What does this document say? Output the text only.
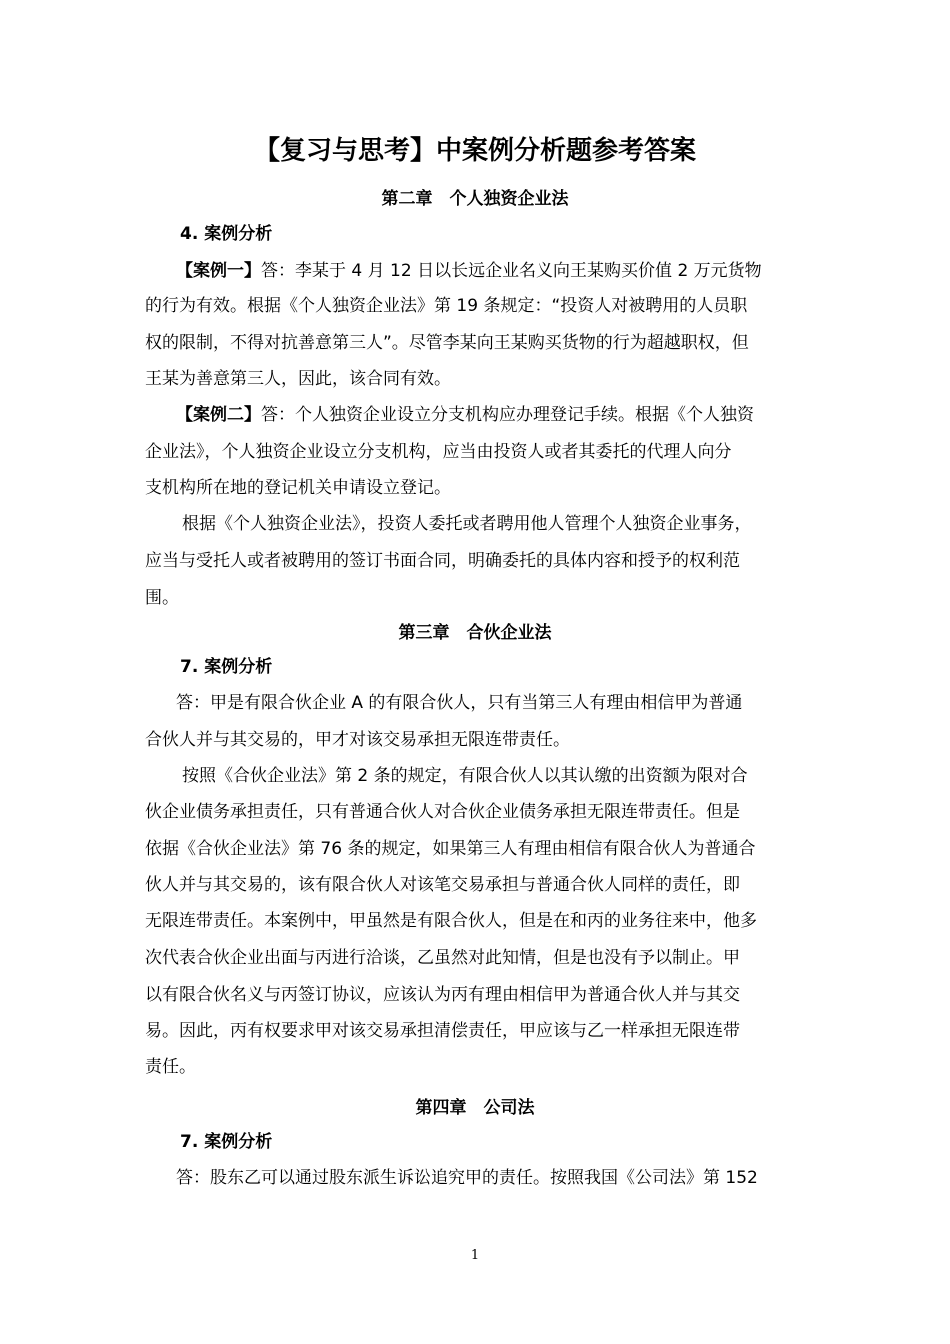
【复习与思考】中案例分析题参考答案
第二章　个人独资企业法
4. 案例分析
【案例一】答：李某于 4 月 12 日以长远企业名义向王某购买价值 2 万元货物
的行为有效。根据《个人独资企业法》第 19 条规定：“投资人对被聘用的人员职
权的限制，不得对抗善意第三人”。尽管李某向王某购买货物的行为超越职权，但
王某为善意第三人，因此，该合同有效。
【案例二】答：个人独资企业设立分支机构应办理登记手续。根据《个人独资
企业法》，个人独资企业设立分支机构，应当由投资人或者其委托的代理人向分
支机构所在地的登记机关申请设立登记。
根据《个人独资企业法》，投资人委托或者聘用他人管理个人独资企业事务，
应当与受托人或者被聘用的签订书面合同，明确委托的具体内容和授予的权利范
围。
第三章　合伙企业法
7. 案例分析
答：甲是有限合伙企业 A 的有限合伙人，只有当第三人有理由相信甲为普通
合伙人并与其交易的，甲才对该交易承担无限连带责任。
按照《合伙企业法》第 2 条的规定，有限合伙人以其认缴的出资额为限对合
伙企业债务承担责任，只有普通合伙人对合伙企业债务承担无限连带责任。但是
依据《合伙企业法》第 76 条的规定，如果第三人有理由相信有限合伙人为普通合
伙人并与其交易的，该有限合伙人对该笔交易承担与普通合伙人同样的责任，即
无限连带责任。本案例中，甲虽然是有限合伙人，但是在和丙的业务往来中，他多
次代表合伙企业出面与丙进行洽谈，乙虽然对此知情，但是也没有予以制止。甲
以有限合伙名义与丙签订协议，应该认为丙有理由相信甲为普通合伙人并与其交
易。因此，丙有权要求甲对该交易承担清偿责任，甲应该与乙一样承担无限连带
责任。
第四章　公司法
7. 案例分析
答：股东乙可以通过股东派生诉讼追究甲的责任。按照我国《公司法》第 152
1
